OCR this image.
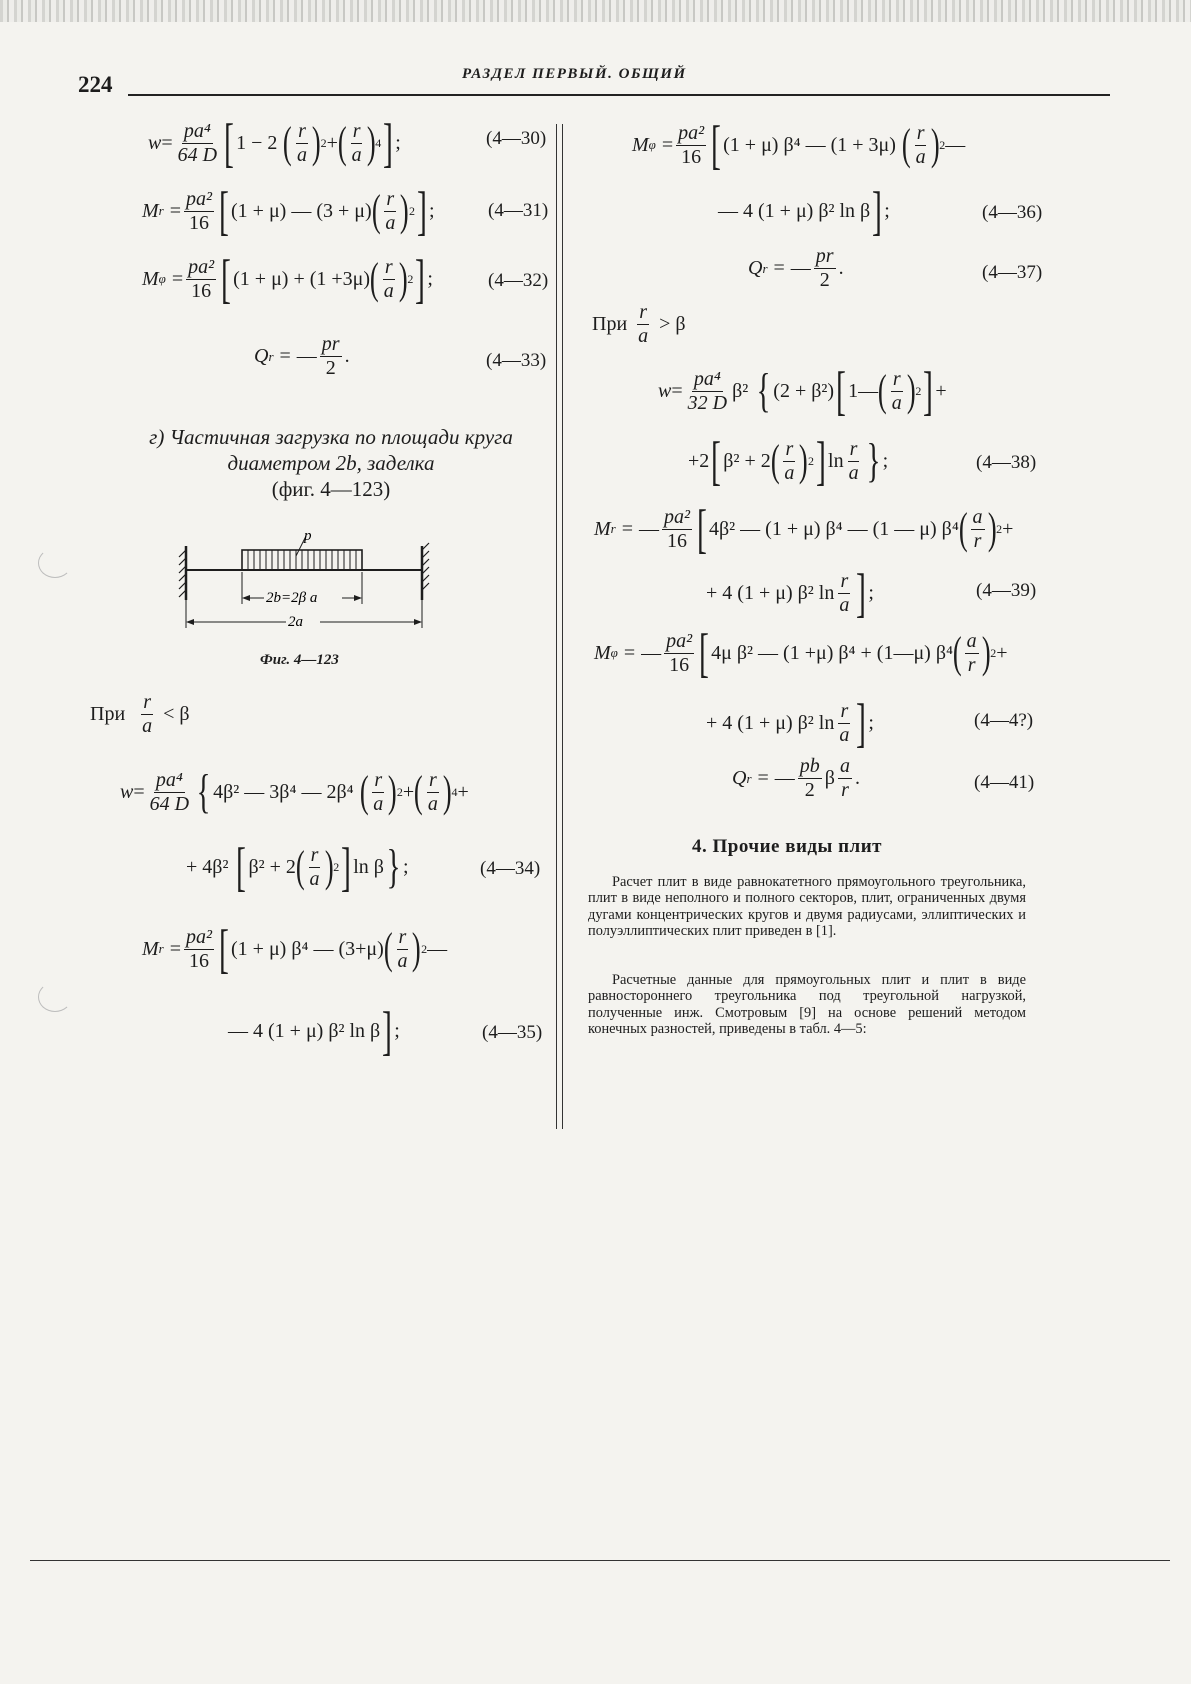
224	РАЗДЕЛ ПЕРВЫЙ. ОБЩИЙ
$w = \frac{\text{pa⁴}}{64 D}$ [ 1 − 2 ( $\frac{r}{a}$ ) 2 + ( $\frac{r}{a}$ ) 4 ] ;	(4—30)
M $r = \frac{\text{pa²}}{16}$ [ (1 + μ) — (3 + μ) ( $\frac{r}{a}$ ) 2 ] ;	(4—31)
M $\varphi = \frac{\text{pa²}}{16}$ [ (1 + μ) + (1 +3μ) ( $\frac{r}{a}$ ) 2 ] ;	(4—32)
Q r = — $\frac{pr}{2}$ .	(4—33)
г) Частичная загрузка по площади круга
диаметром 2b, заделка
(фиг. 4—123)
p
2b=2β a
2a
Фиг. 4—123
При $\frac{r}{a} < \beta$
$w = \frac{\text{pa⁴}}{64 D}$ { 4β² — 3β⁴ — 2β⁴ ( $\frac{r}{a}$ ) 2 + ( $\frac{r}{a}$ ) 4 +
+ 4β² [ β² + 2 ( $\frac{r}{a}$ ) 2 ] ln β } ;	(4—34)
M $r = \frac{\text{pa²}}{16}$ [ (1 + μ) β⁴ — (3+μ) ( $\frac{r}{a}$ ) 2 —
— 4 (1 + μ) β² ln β ] ;	(4—35)
M $\varphi = \frac{\text{pa²}}{16}$ [ (1 + μ) β⁴ — (1 + 3μ) ( $\frac{r}{a}$ ) 2 —
— 4 (1 + μ) β² ln β ] ;	(4—36)
Q r = — $\frac{pr}{2}$ .	(4—37)
При $\frac{r}{a} > \beta$
$w = \frac{\text{pa⁴}}{32 D} \beta^2$ { (2 + β²) [ 1— ( $\frac{r}{a}$ ) 2 ] +
+2 [ β² + 2 ( $\frac{r}{a}$ ) 2 ] $\ln \frac{r}{a}$ } ;	(4—38)
M r = — $\frac{\text{pa²}}{16}$ [ 4β² — (1 + μ) β⁴ — (1 — μ) β⁴ ( $\frac{a}{r}$ ) 2 +
+ 4 (1 + μ) β² $\ln \frac{r}{a}$ ] ;	(4—39)
M φ = — $\frac{\text{pa²}}{16}$ [ 4μ β² — (1 +μ) β⁴ + (1—μ) β⁴ ( $\frac{a}{r}$ ) 2 +
+ 4 (1 + μ) β² $\ln \frac{r}{a}$ ] ;	(4—4?)
Q r = — $\frac{pb}{2}$ β $\frac{a}{r}$ .	(4—41)
4. Прочие виды плит
Расчет плит в виде равнокатетного прямоугольного треугольника, плит в виде неполного и полного секторов, плит, ограниченных двумя дугами концентрических кругов и двумя радиусами, эллиптических и полуэллиптических плит приведен в [1].
Расчетные данные для прямоугольных плит и плит в виде равностороннего треугольника под треугольной нагрузкой, полученные инж. Смотровым [9] на основе решений методом конечных разностей, приведены в табл. 4—5:
